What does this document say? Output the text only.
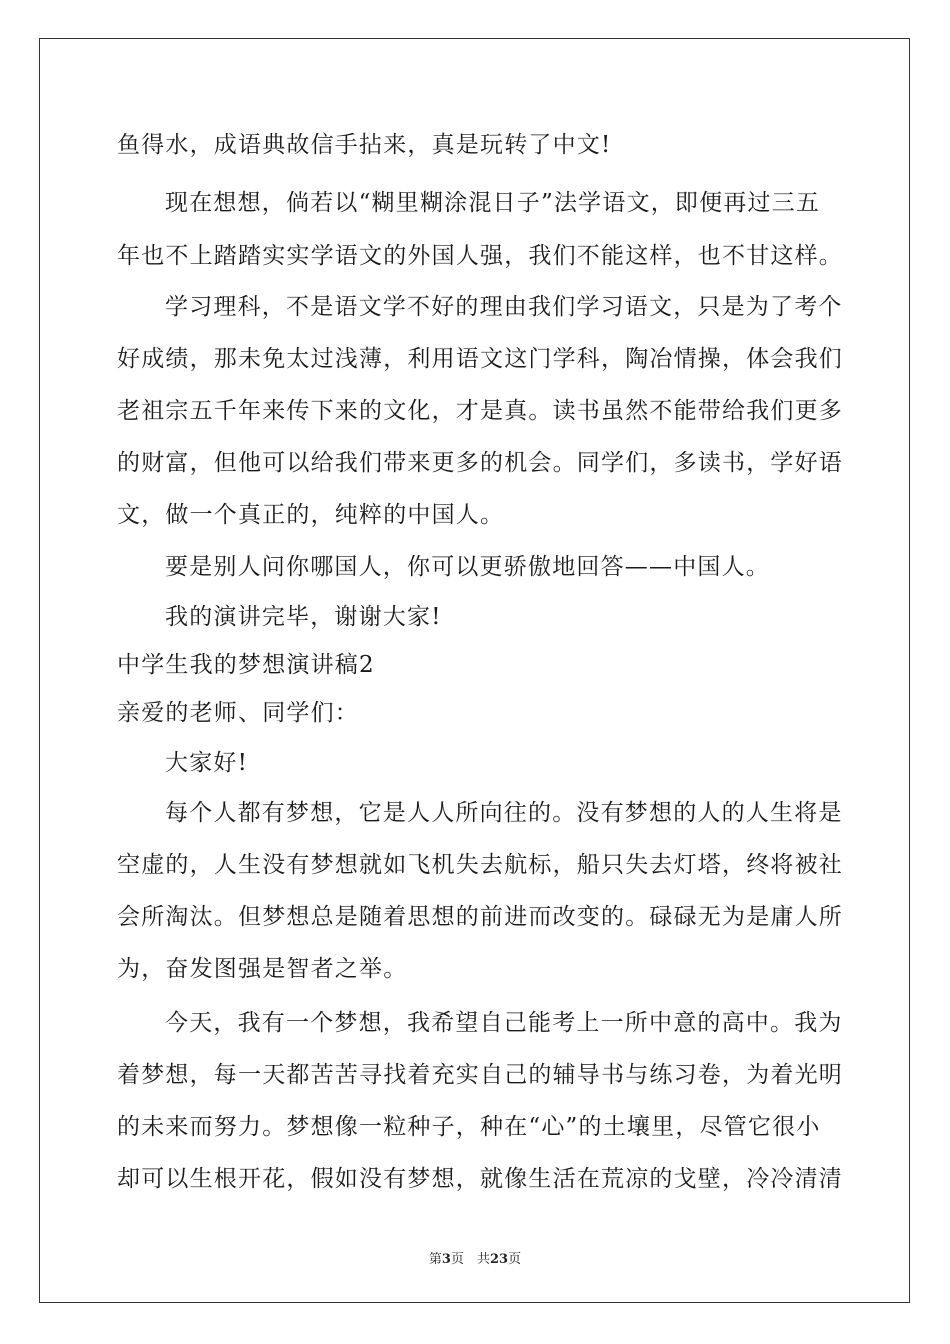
鱼得水，成语典故信手拈来，真是玩转了中文!
现在想想，倘若以“糊里糊涂混日子”法学语文，即便再过三五
年也不上踏踏实实学语文的外国人强，我们不能这样，也不甘这样。
学习理科，不是语文学不好的理由我们学习语文，只是为了考个
好成绩，那未免太过浅薄，利用语文这门学科，陶冶情操，体会我们
老祖宗五千年来传下来的文化，才是真。读书虽然不能带给我们更多
的财富，但他可以给我们带来更多的机会。同学们，多读书，学好语
文，做一个真正的，纯粹的中国人。
要是别人问你哪国人，你可以更骄傲地回答——中国人。
我的演讲完毕，谢谢大家!
中学生我的梦想演讲稿2
亲爱的老师、同学们：
大家好!
每个人都有梦想，它是人人所向往的。没有梦想的人的人生将是
空虚的，人生没有梦想就如飞机失去航标，船只失去灯塔，终将被社
会所淘汰。但梦想总是随着思想的前进而改变的。碌碌无为是庸人所
为，奋发图强是智者之举。
今天，我有一个梦想，我希望自己能考上一所中意的高中。我为
着梦想，每一天都苦苦寻找着充实自己的辅导书与练习卷，为着光明
的未来而努力。梦想像一粒种子，种在“心”的土壤里，尽管它很小
却可以生根开花，假如没有梦想，就像生活在荒凉的戈壁，冷冷清清
第3页　共23页
